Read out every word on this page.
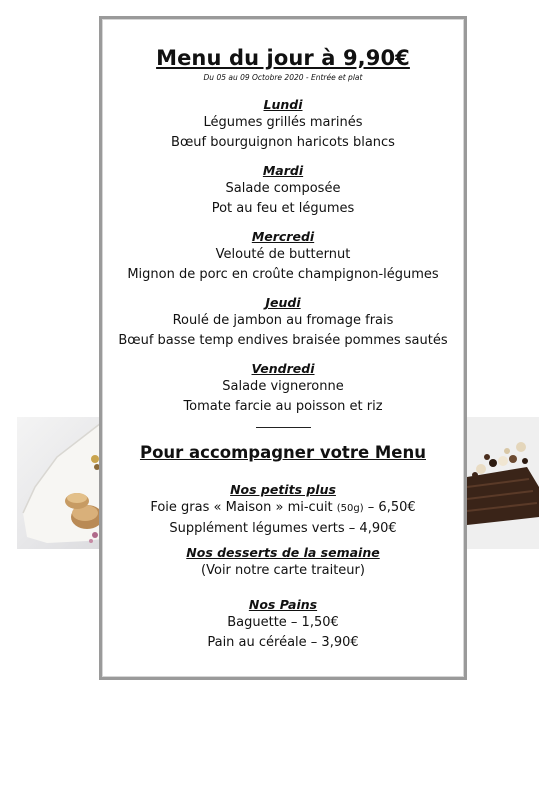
Menu du jour à 9,90€
Du 05 au 09 Octobre 2020 - Entrée et plat
Lundi
Légumes grillés marinés
Bœuf bourguignon haricots blancs
Mardi
Salade composée
Pot au feu et légumes
Mercredi
Velouté de butternut
Mignon de porc en croûte champignon-légumes
Jeudi
Roulé de jambon au fromage frais
Bœuf basse temp endives braisée pommes sautés
Vendredi
Salade vigneronne
Tomate farcie au poisson et riz
Pour accompagner votre Menu
Nos petits plus
Foie gras « Maison » mi-cuit (50g) – 6,50€
Supplément légumes verts – 4,90€
Nos desserts de la semaine
(Voir notre carte traiteur)
Nos Pains
Baguette – 1,50€
Pain au céréale – 3,90€
